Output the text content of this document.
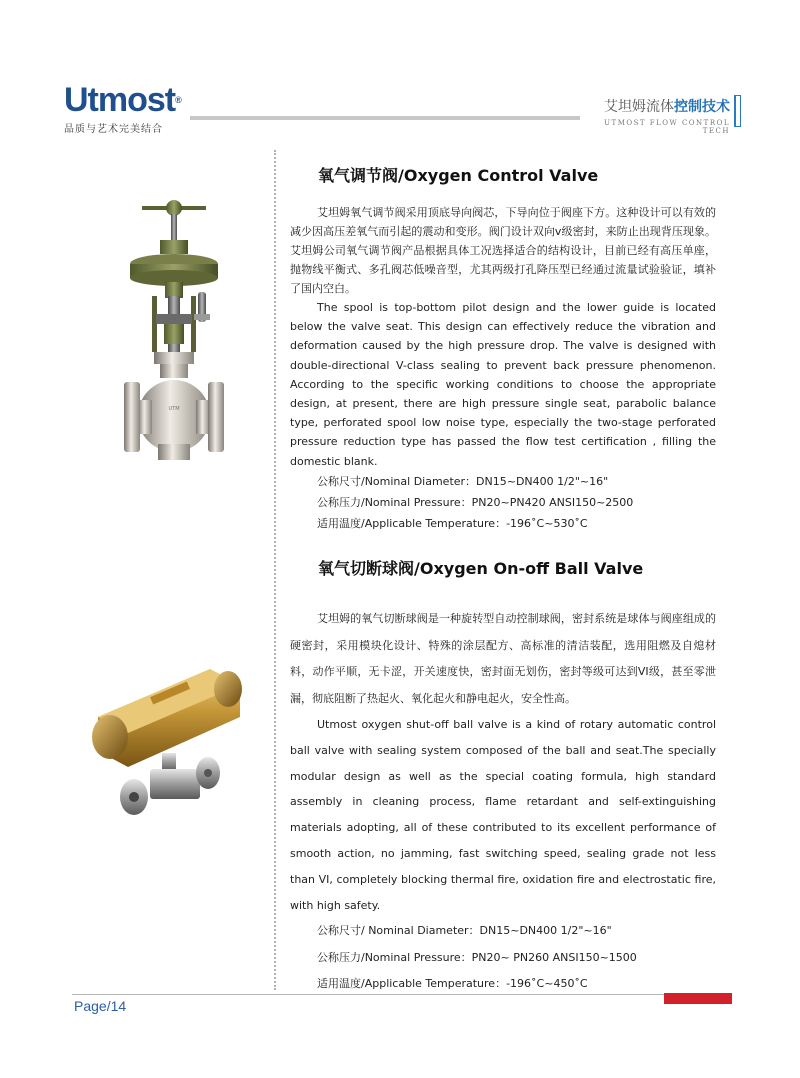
Utmost®
品质与艺术完美结合
艾坦姆流体控制技术
UTMOST FLOW CONTROL TECH
UTM
氧气调节阀/Oxygen Control Valve

艾坦姆氧气调节阀采用顶底导向阀芯，下导向位于阀座下方。这种设计可以有效的减少因高压差氧气而引起的震动和变形。阀门设计双向v级密封，来防止出现背压现象。艾坦姆公司氧气调节阀产品根据具体工况选择适合的结构设计，目前已经有高压单座，抛物线平衡式、多孔阀芯低噪音型，尤其两级打孔降压型已经通过流量试验验证，填补了国内空白。

The spool is top-bottom pilot design and the lower guide is located below the valve seat. This design can effectively reduce the vibration and deformation caused by the high pressure drop. The valve is designed with double-directional V-class sealing to prevent back pressure phenomenon. According to the specific working conditions to choose the appropriate design, at present, there are high pressure single seat, parabolic balance type, perforated spool low noise type, especially the two-stage perforated pressure reduction type has passed the flow test certification , filling the domestic blank.

公称尺寸/Nominal Diameter：DN15~DN400 1/2"~16"

公称压力/Nominal Pressure：PN20~PN420 ANSI150~2500

适用温度/Applicable Temperature：-196˚C~530˚C

氧气切断球阀/Oxygen On-off Ball Valve

艾坦姆的氧气切断球阀是一种旋转型自动控制球阀，密封系统是球体与阀座组成的硬密封，采用模块化设计、特殊的涂层配方、高标准的清洁装配，选用阻燃及自熄材料，动作平顺，无卡涩，开关速度快，密封面无划伤，密封等级可达到VI级，甚至零泄漏，彻底阻断了热起火、氧化起火和静电起火，安全性高。

Utmost oxygen shut-off ball valve is a kind of rotary automatic control ball valve with sealing system composed of the ball and seat.The specially modular design as well as the special coating formula, high standard assembly in cleaning process, flame retardant and self-extinguishing materials adopting, all of these contributed to its excellent performance of smooth action, no jamming, fast switching speed, sealing grade not less than VI, completely blocking thermal fire, oxidation fire and electrostatic fire, with high safety.

公称尺寸/ Nominal Diameter：DN15~DN400 1/2"~16"

公称压力/Nominal Pressure：PN20~ PN260 ANSI150~1500

适用温度/Applicable Temperature：-196˚C~450˚C

Page/14
